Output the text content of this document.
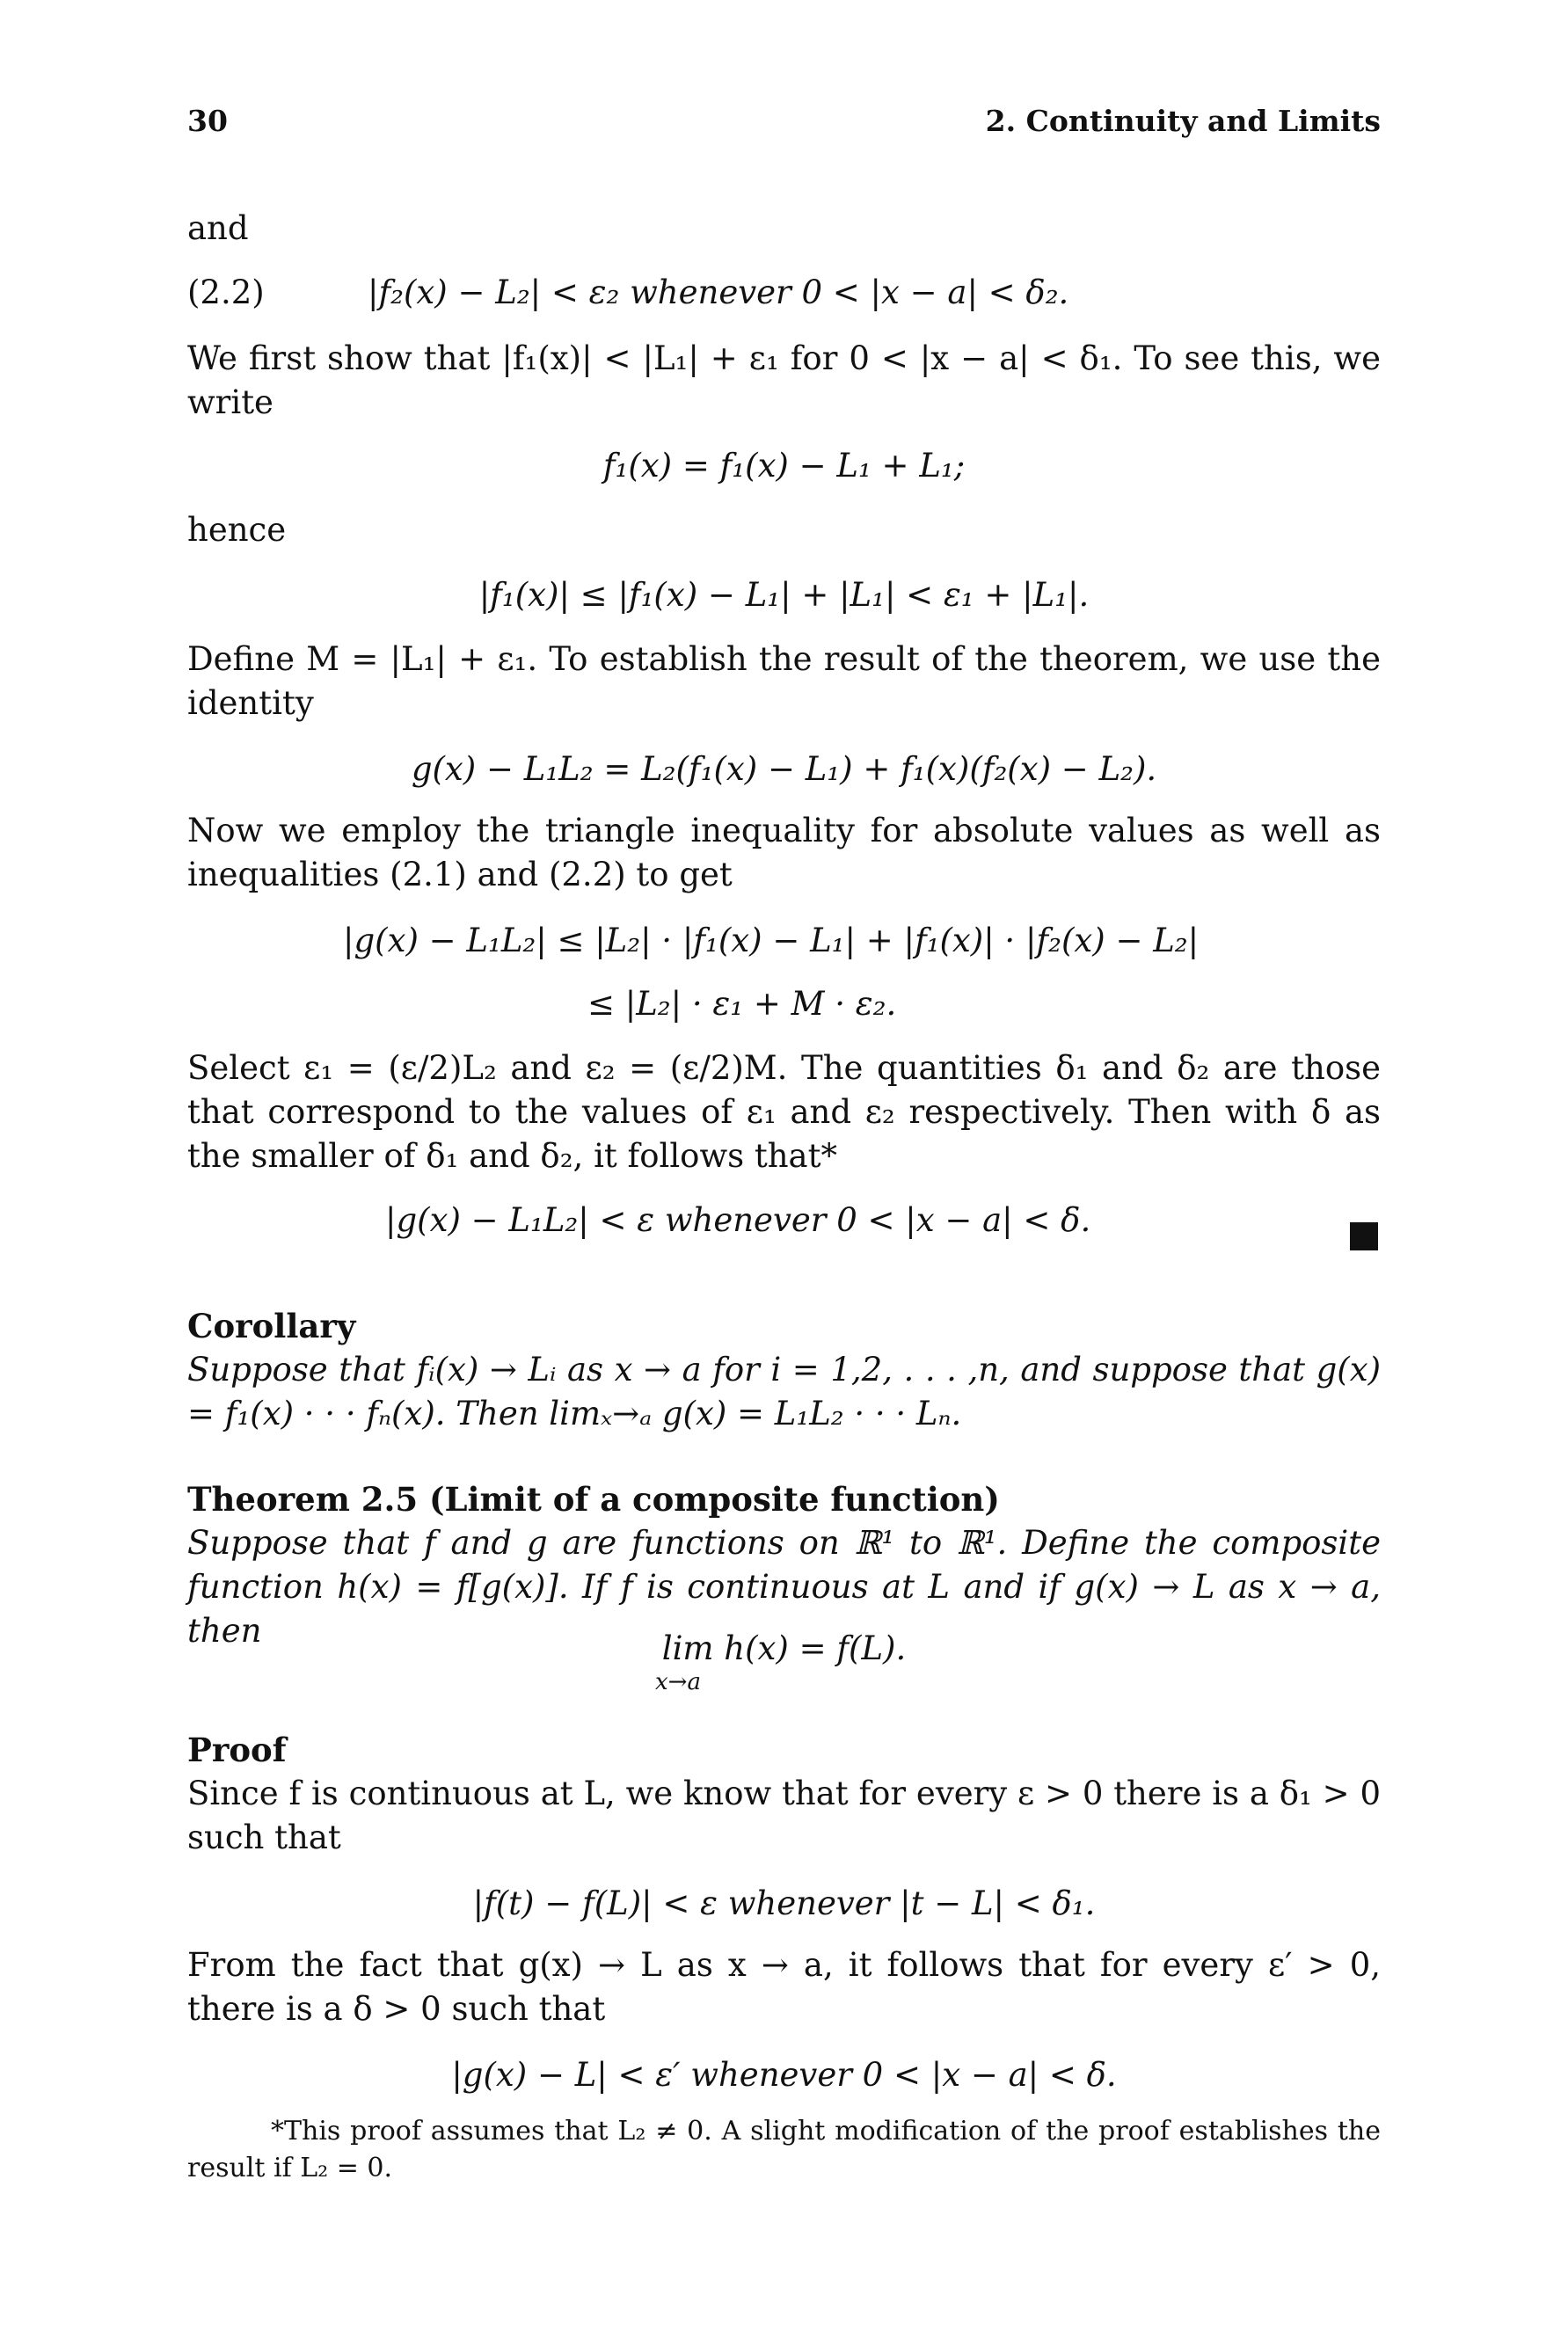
30	2. Continuity and Limits
and
(2.2)	|f₂(x) − L₂| < ε₂ whenever 0 < |x − a| < δ₂.
We first show that |f₁(x)| < |L₁| + ε₁ for 0 < |x − a| < δ₁. To see this, we write
f₁(x) = f₁(x) − L₁ + L₁;
hence
|f₁(x)| ≤ |f₁(x) − L₁| + |L₁| < ε₁ + |L₁|.
Define M = |L₁| + ε₁. To establish the result of the theorem, we use the identity
g(x) − L₁L₂ = L₂(f₁(x) − L₁) + f₁(x)(f₂(x) − L₂).
Now we employ the triangle inequality for absolute values as well as inequalities (2.1) and (2.2) to get
|g(x) − L₁L₂| ≤ |L₂| · |f₁(x) − L₁| + |f₁(x)| · |f₂(x) − L₂|
≤ |L₂| · ε₁ + M · ε₂.
Select ε₁ = (ε/2)L₂ and ε₂ = (ε/2)M. The quantities δ₁ and δ₂ are those that correspond to the values of ε₁ and ε₂ respectively. Then with δ as the smaller of δ₁ and δ₂, it follows that*
|g(x) − L₁L₂| < ε whenever 0 < |x − a| < δ.
Corollary
Suppose that fᵢ(x) → Lᵢ as x → a for i = 1,2, . . . ,n, and suppose that g(x) = f₁(x) · · · fₙ(x). Then limₓ→ₐ g(x) = L₁L₂ · · · Lₙ.
Theorem 2.5 (Limit of a composite function)
Suppose that f and g are functions on ℝ¹ to ℝ¹. Define the composite function h(x) = f[g(x)]. If f is continuous at L and if g(x) → L as x → a, then	lim h(x) = f(L).
x→a
Proof
Since f is continuous at L, we know that for every ε > 0 there is a δ₁ > 0 such that
|f(t) − f(L)| < ε whenever |t − L| < δ₁.
From the fact that g(x) → L as x → a, it follows that for every ε′ > 0, there is a δ > 0 such that
|g(x) − L| < ε′ whenever 0 < |x − a| < δ.
*This proof assumes that L₂ ≠ 0. A slight modification of the proof establishes the result if L₂ = 0.
